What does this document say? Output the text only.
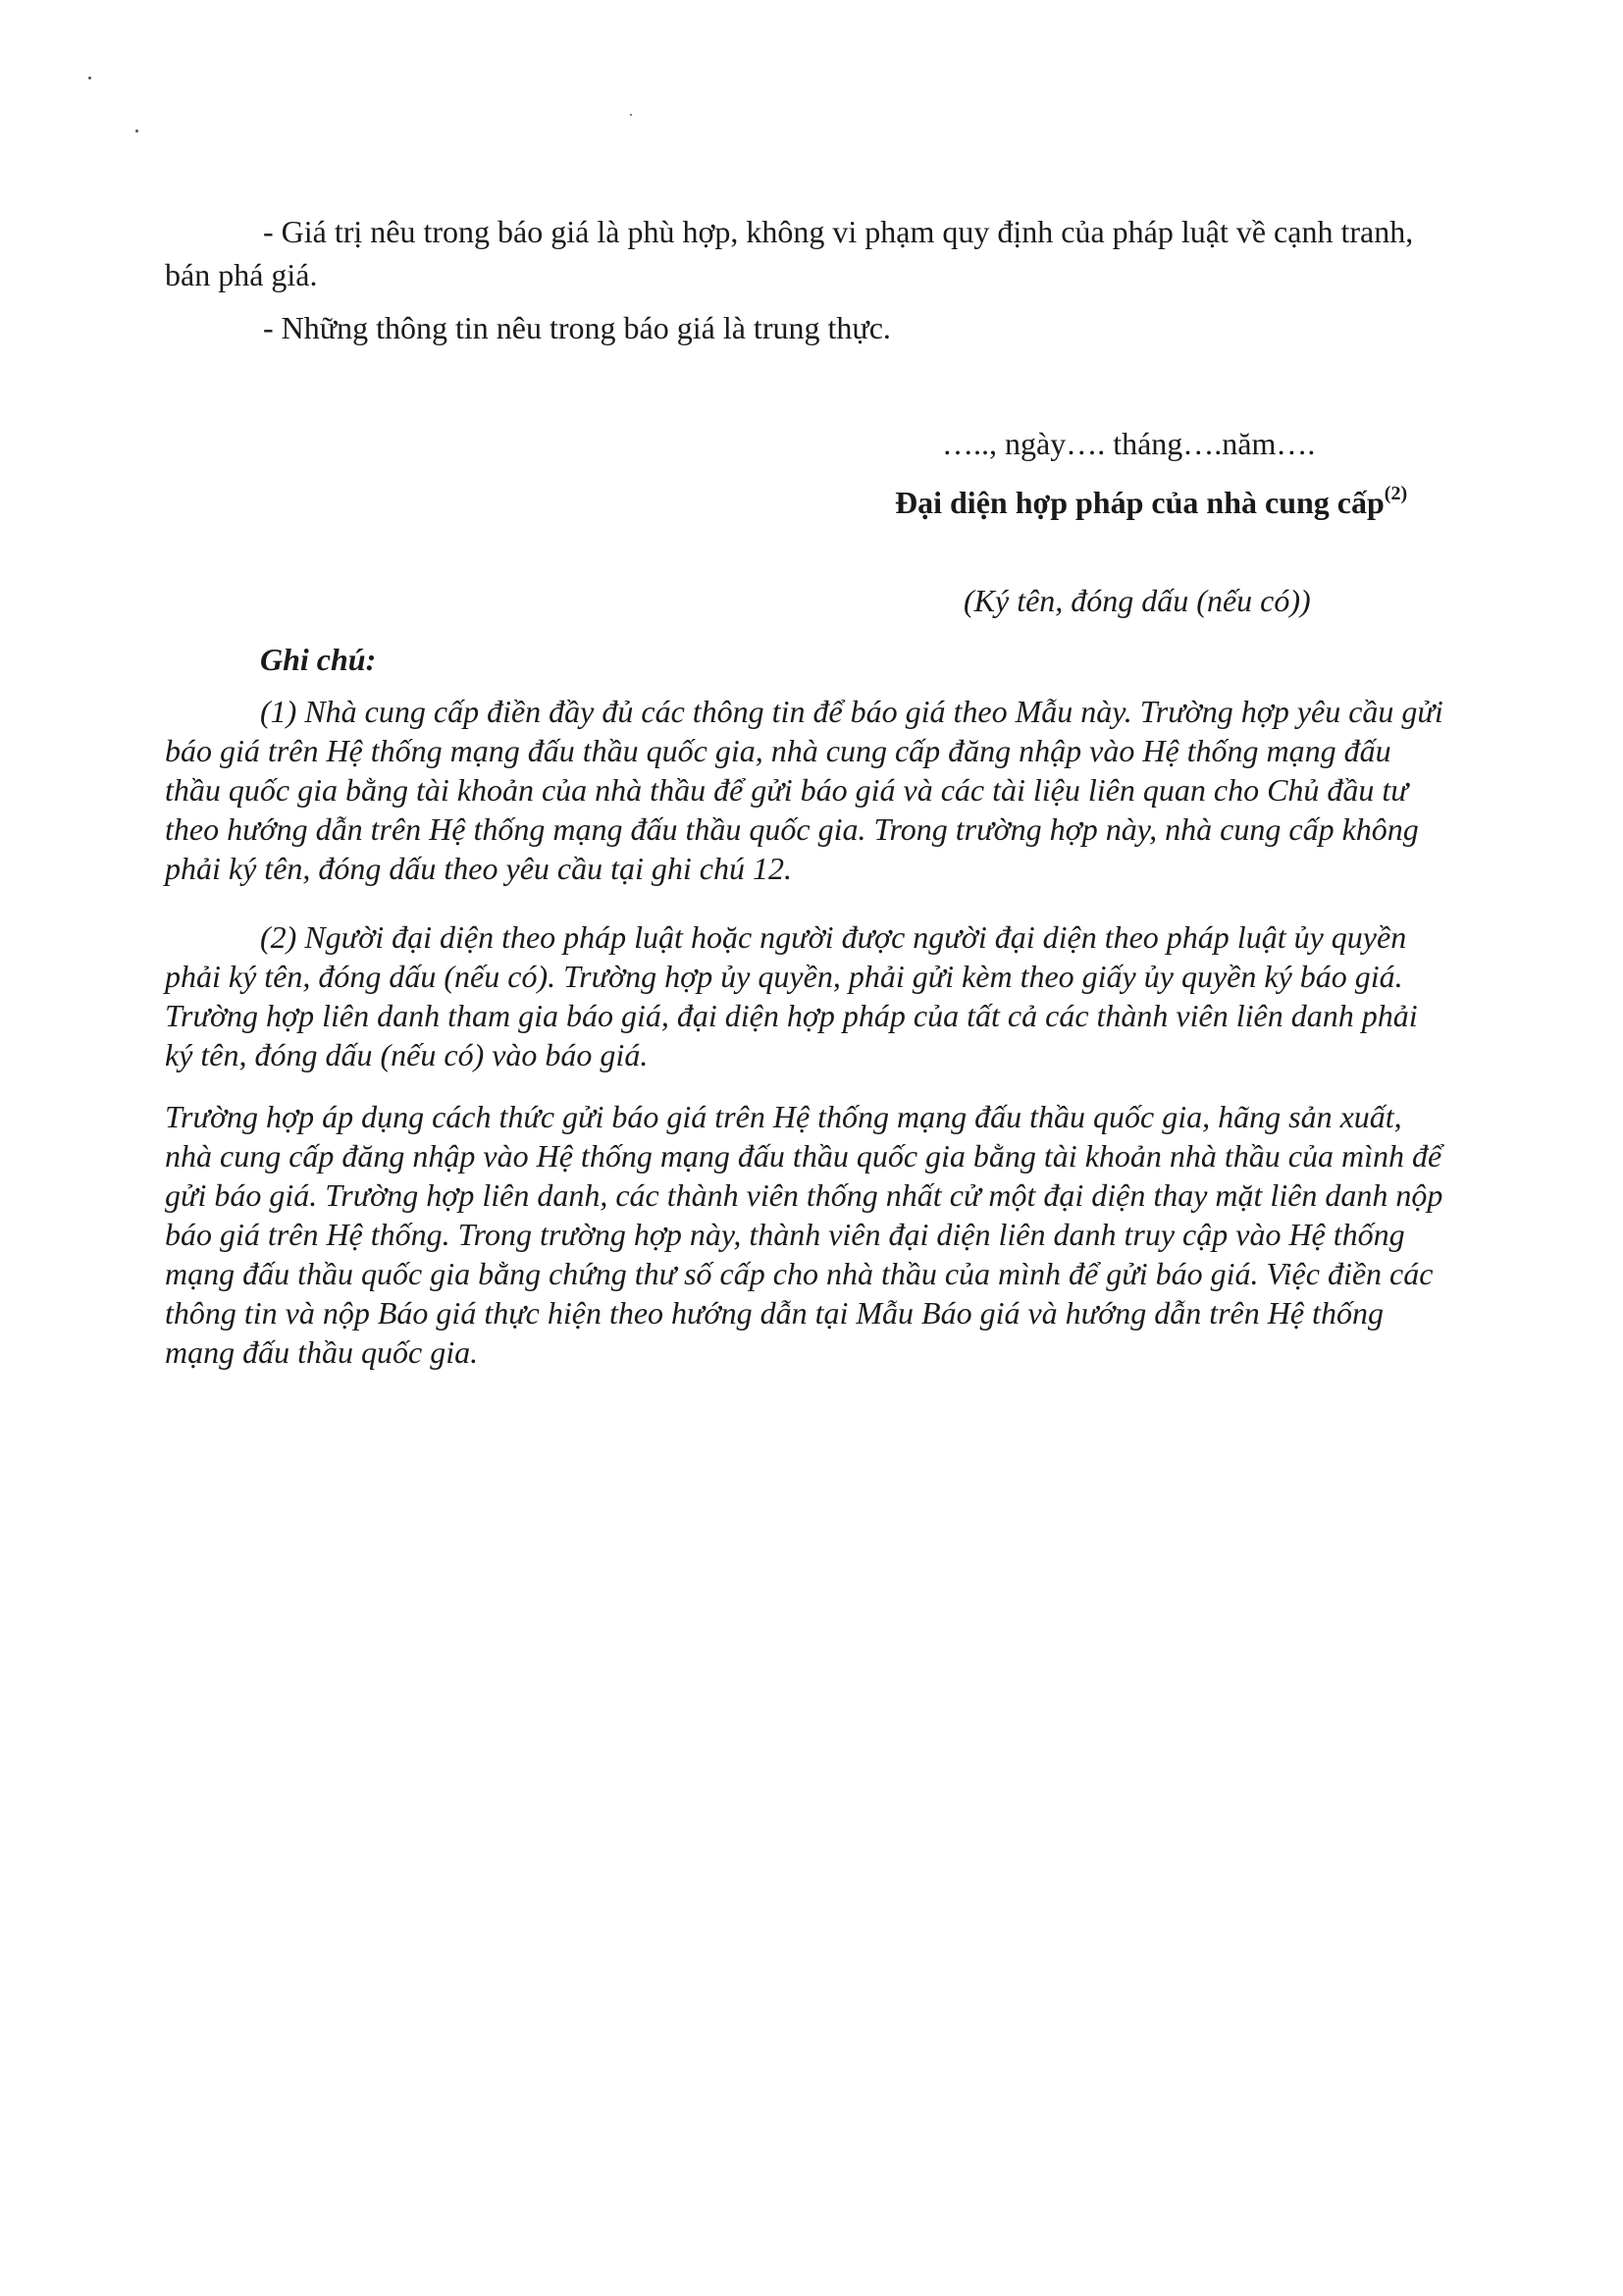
- Giá trị nêu trong báo giá là phù hợp, không vi phạm quy định của pháp luật về cạnh tranh, bán phá giá.

- Những thông tin nêu trong báo giá là trung thực.

….., ngày…. tháng….năm….
Đại diện hợp pháp của nhà cung cấp$^{(2)}$
(Ký tên, đóng dấu (nếu có))
Ghi chú:

(1) Nhà cung cấp điền đầy đủ các thông tin để báo giá theo Mẫu này. Trường hợp yêu cầu gửi báo giá trên Hệ thống mạng đấu thầu quốc gia, nhà cung cấp đăng nhập vào Hệ thống mạng đấu thầu quốc gia bằng tài khoản của nhà thầu để gửi báo giá và các tài liệu liên quan cho Chủ đầu tư theo hướng dẫn trên Hệ thống mạng đấu thầu quốc gia. Trong trường hợp này, nhà cung cấp không phải ký tên, đóng dấu theo yêu cầu tại ghi chú 12.

(2) Người đại diện theo pháp luật hoặc người được người đại diện theo pháp luật ủy quyền phải ký tên, đóng dấu (nếu có). Trường hợp ủy quyền, phải gửi kèm theo giấy ủy quyền ký báo giá. Trường hợp liên danh tham gia báo giá, đại diện hợp pháp của tất cả các thành viên liên danh phải ký tên, đóng dấu (nếu có) vào báo giá.

Trường hợp áp dụng cách thức gửi báo giá trên Hệ thống mạng đấu thầu quốc gia, hãng sản xuất, nhà cung cấp đăng nhập vào Hệ thống mạng đấu thầu quốc gia bằng tài khoản nhà thầu của mình để gửi báo giá. Trường hợp liên danh, các thành viên thống nhất cử một đại diện thay mặt liên danh nộp báo giá trên Hệ thống. Trong trường hợp này, thành viên đại diện liên danh truy cập vào Hệ thống mạng đấu thầu quốc gia bằng chứng thư số cấp cho nhà thầu của mình để gửi báo giá. Việc điền các thông tin và nộp Báo giá thực hiện theo hướng dẫn tại Mẫu Báo giá và hướng dẫn trên Hệ thống mạng đấu thầu quốc gia.
